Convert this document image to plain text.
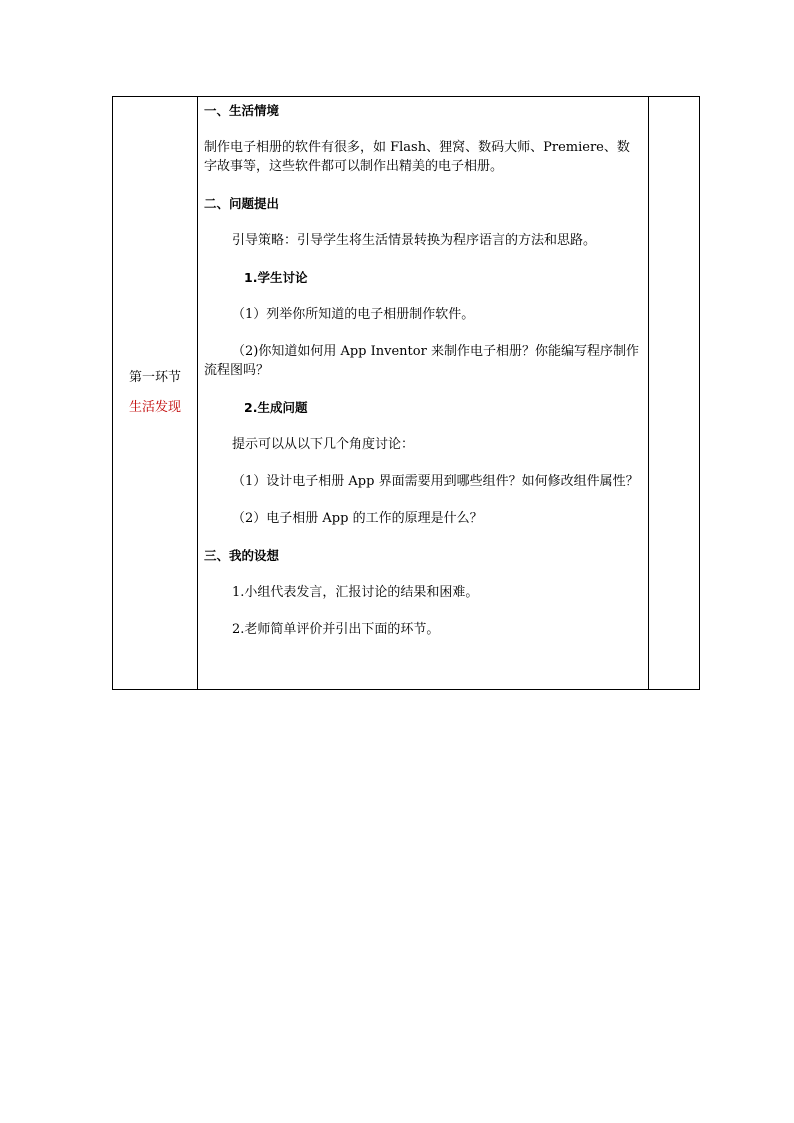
第一环节
生活发现

一、生活情境

制作电子相册的软件有很多，如 Flash、狸窝、数码大师、Premiere、数字故事等，这些软件都可以制作出精美的电子相册。

二、问题提出

引导策略：引导学生将生活情景转换为程序语言的方法和思路。

1.学生讨论

（1）列举你所知道的电子相册制作软件。

（2)你知道如何用 App Inventor 来制作电子相册？你能编写程序制作流程图吗？

2.生成问题

提示可以从以下几个角度讨论：

（1）设计电子相册 App 界面需要用到哪些组件？如何修改组件属性？

（2）电子相册 App 的工作的原理是什么？

三、我的设想

1.小组代表发言，汇报讨论的结果和困难。

2.老师简单评价并引出下面的环节。
